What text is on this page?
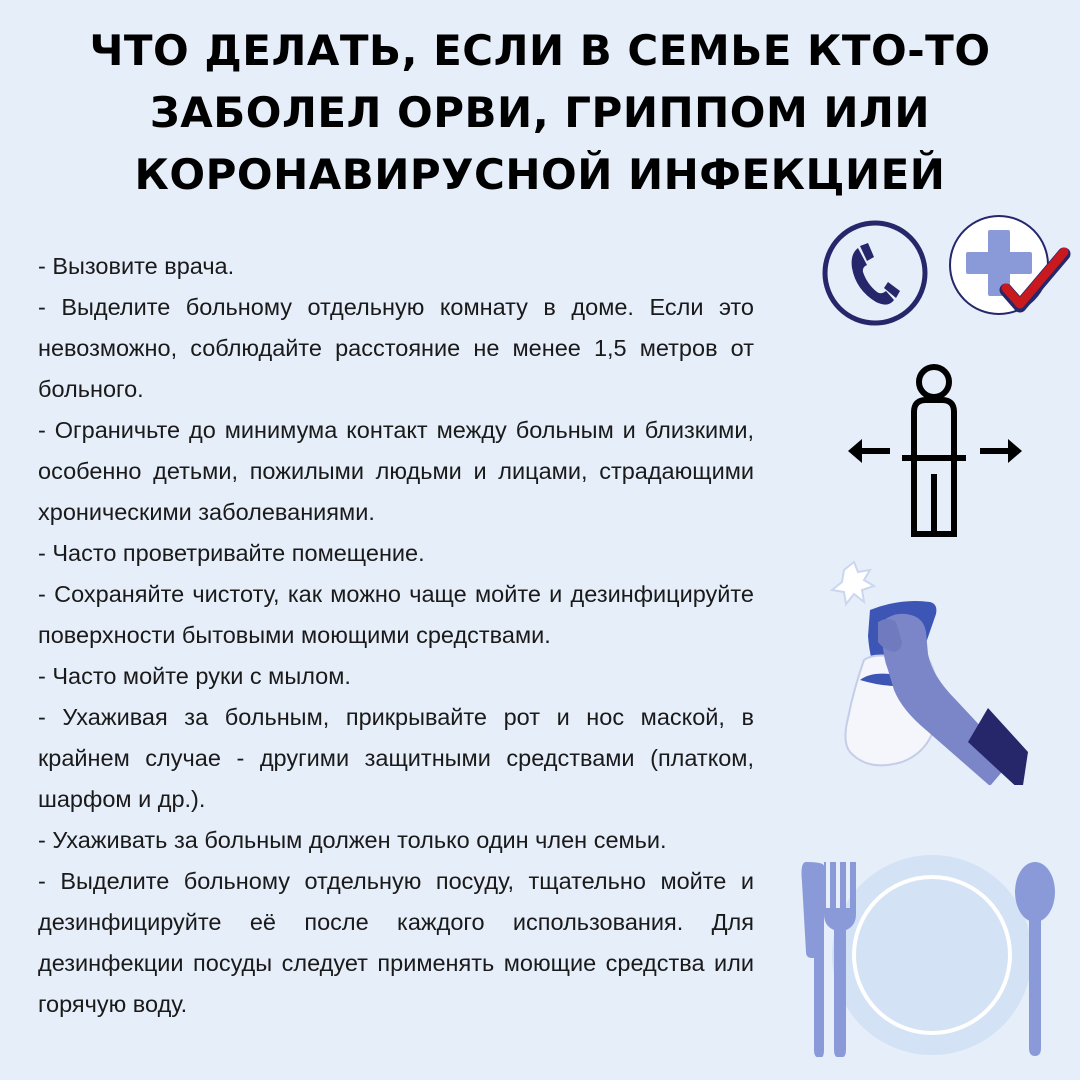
ЧТО ДЕЛАТЬ, ЕСЛИ В СЕМЬЕ КТО-ТО
ЗАБОЛЕЛ ОРВИ, ГРИППОМ ИЛИ
КОРОНАВИРУСНОЙ ИНФЕКЦИЕЙ

- Вызовите врача.

- Выделите больному отдельную комнату в доме. Если это невозможно, соблюдайте расстояние не менее 1,5 метров от больного.

- Ограничьте до минимума контакт между больным и близкими, особенно детьми, пожилыми людьми и лицами, страдающими хроническими заболеваниями.

- Часто проветривайте помещение.

- Сохраняйте чистоту, как можно чаще мойте и дезинфицируйте поверхности бытовыми моющими средствами.

- Часто мойте руки с мылом.

- Ухаживая за больным, прикрывайте рот и нос маской, в крайнем случае - другими защитными средствами (платком, шарфом и др.).

- Ухаживать за больным должен только один член семьи.

- Выделите больному отдельную посуду, тщательно мойте и дезинфицируйте её после каждого использования. Для дезинфекции посуды следует применять моющие средства или горячую воду.
